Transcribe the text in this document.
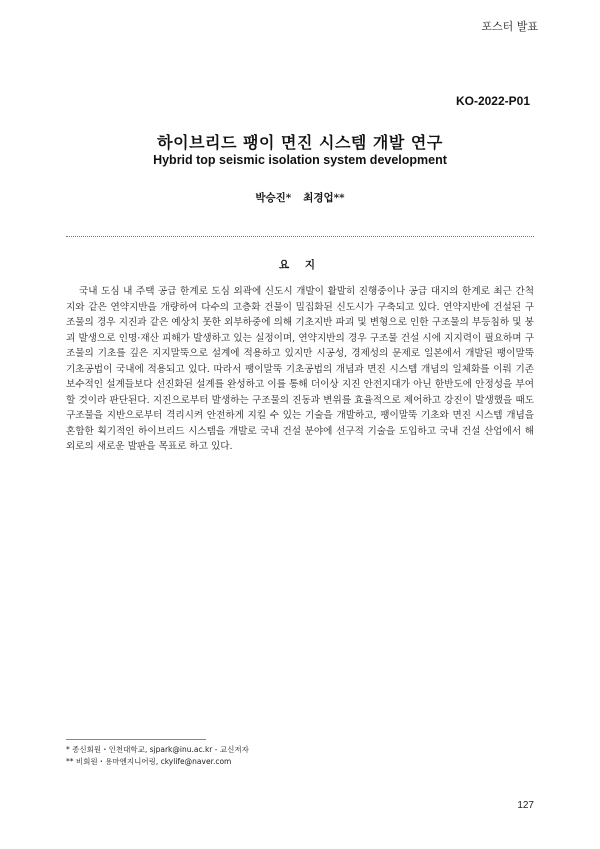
포스터 발표
KO-2022-P01
하이브리드 팽이 면진 시스템 개발 연구
Hybrid top seismic isolation system development
박승진* 최경업**
요 지

국내 도심 내 주택 공급 한계로 도심 외곽에 신도시 개발이 활발히 진행중이나 공급 대지의 한계로 최근 간척지와 같은 연약지반을 개량하여 다수의 고층화 건물이 밀집화된 신도시가 구축되고 있다. 연약지반에 건설된 구조물의 경우 지진과 같은 예상치 못한 외부하중에 의해 기초지반 파괴 및 변형으로 인한 구조물의 부등침하 및 붕괴 발생으로 인명·재산 피해가 발생하고 있는 실정이며, 연약지반의 경우 구조물 건설 시에 지지력이 필요하며 구조물의 기초를 깊은 지지말뚝으로 설계에 적용하고 있지만 시공성, 경제성의 문제로 일본에서 개발된 팽이말뚝 기초공법이 국내에 적용되고 있다. 따라서 팽이말뚝 기초공법의 개념과 면진 시스템 개념의 일체화를 이뤄 기존 보수적인 설계들보다 선진화된 설계를 완성하고 이를 통해 더이상 지진 안전지대가 아닌 한반도에 안정성을 부여할 것이라 판단된다. 지진으로부터 발생하는 구조물의 진동과 변위를 효율적으로 제어하고 강진이 발생했을 때도 구조물을 지반으로부터 격리시켜 안전하게 지킬 수 있는 기술을 개발하고, 팽이말뚝 기초와 면진 시스템 개념을 혼합한 획기적인 하이브리드 시스템을 개발로 국내 건설 분야에 선구적 기술을 도입하고 국내 건설 산업에서 해외로의 새로운 발판을 목표로 하고 있다.

* 종신회원・인천대학교, sjpark@inu.ac.kr - 교신저자
** 비회원・용마엔지니어링, ckylife@naver.com
127
